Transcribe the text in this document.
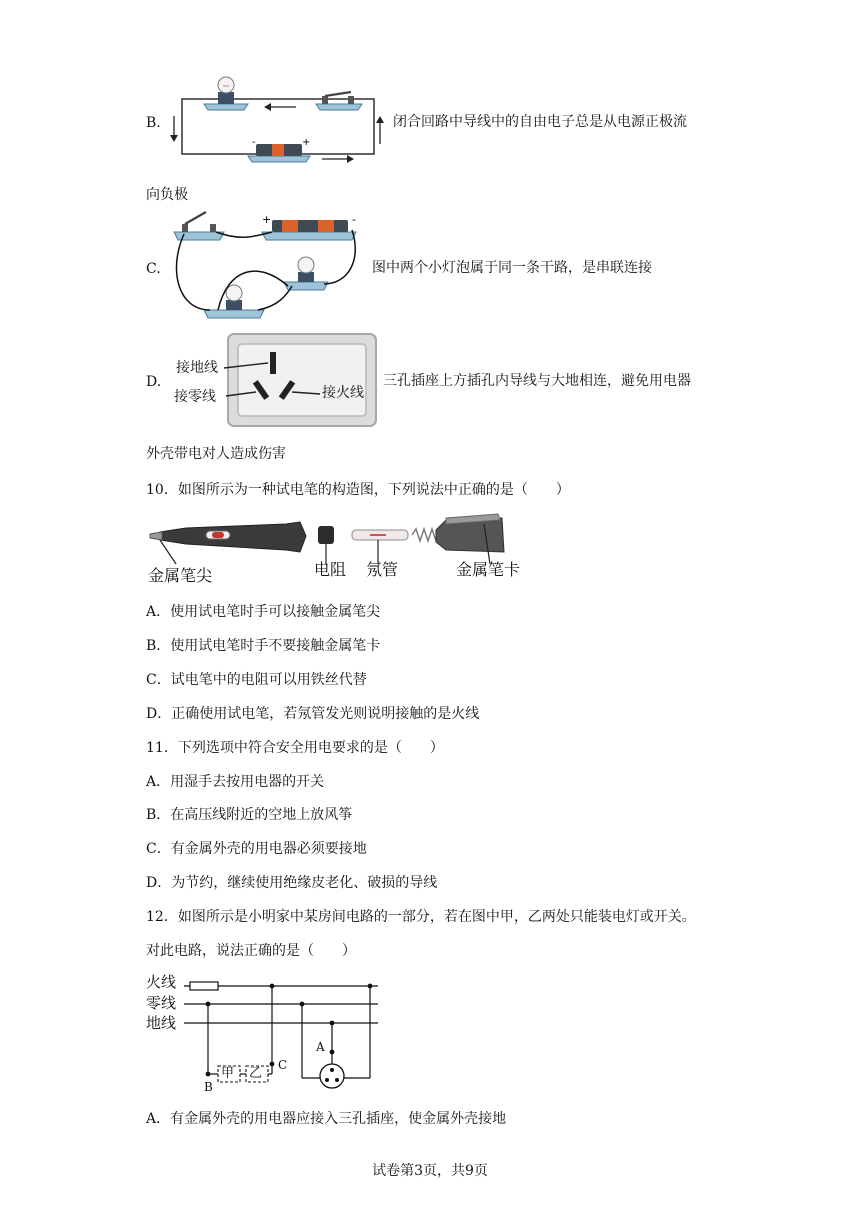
B.
-	+
闭合回路中导线中的自由电子总是从电源正极流
向负极
C.
+	-
图中两个小灯泡属于同一条干路，是串联连接
D.
接地线
接零线	接火线
三孔插座上方插孔内导线与大地相连，避免用电器
外壳带电对人造成伤害
10．如图所示为一种试电笔的构造图，下列说法中正确的是（　　）
金属笔尖	电阻 氖管	金属笔卡
A．使用试电笔时手可以接触金属笔尖
B．使用试电笔时手不要接触金属笔卡
C．试电笔中的电阻可以用铁丝代替
D．正确使用试电笔，若氖管发光则说明接触的是火线
11．下列选项中符合安全用电要求的是（　　）
A．用湿手去按用电器的开关
B．在高压线附近的空地上放风筝
C．有金属外壳的用电器必须要接地
D．为节约，继续使用绝缘皮老化、破损的导线
12．如图所示是小明家中某房间电路的一部分，若在图中甲，乙两处只能装电灯或开关。
对此电路，说法正确的是（　　）
火线
零线
地线
A
B
C
甲 乙
A．有金属外壳的用电器应接入三孔插座，使金属外壳接地
试卷第3页，共9页
